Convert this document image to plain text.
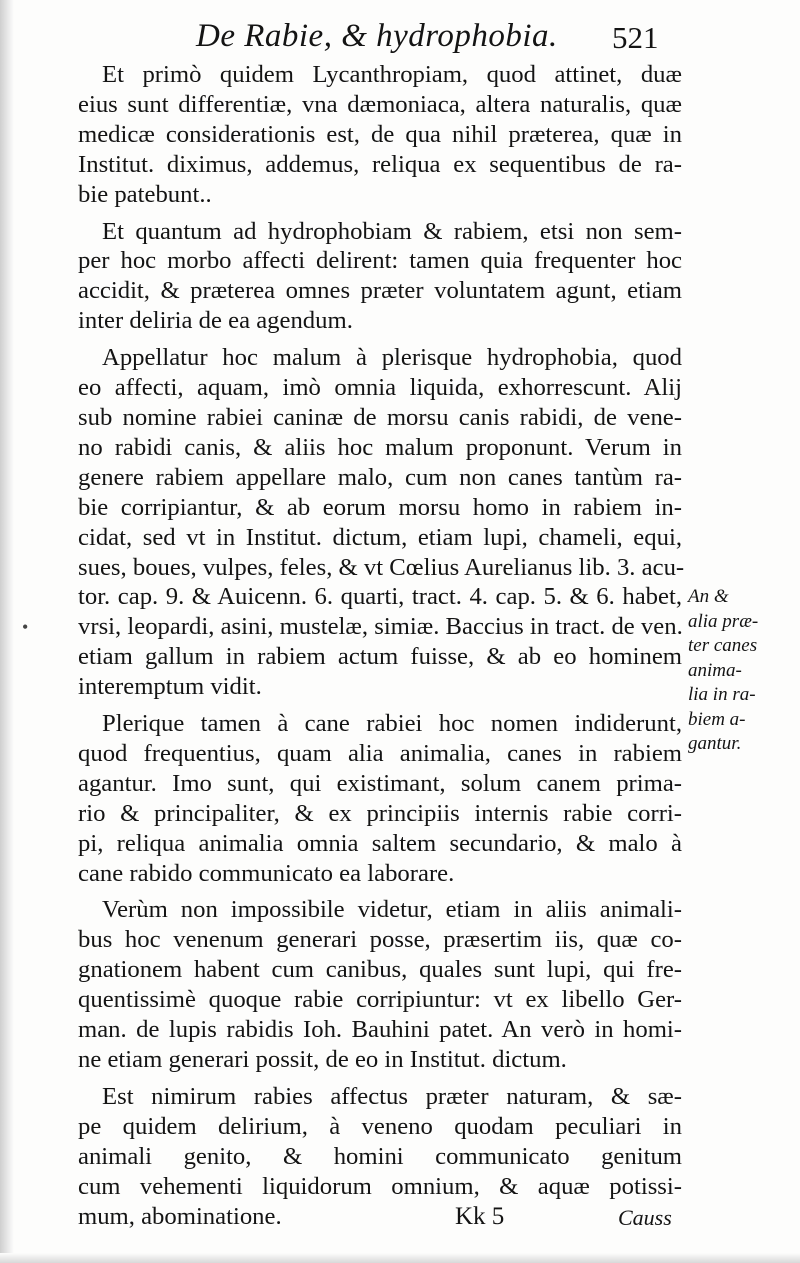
De Rabie, & hydrophobia. 521
•

Et primò quidem Lycanthropiam, quod attinet, duæ
eius sunt differentiæ, vna dæmoniaca, altera naturalis, quæ
medicæ considerationis est, de qua nihil præterea, quæ in
Institut. diximus, addemus, reliqua ex sequentibus de ra-
bie patebunt..

Et quantum ad hydrophobiam & rabiem, etsi non sem-
per hoc morbo affecti delirent: tamen quia frequenter hoc
accidit, & præterea omnes præter voluntatem agunt, etiam
inter deliria de ea agendum.

Appellatur hoc malum à plerisque hydrophobia, quod
eo affecti, aquam, imò omnia liquida, exhorrescunt. Alij
sub nomine rabiei caninæ de morsu canis rabidi, de vene-
no rabidi canis, & aliis hoc malum proponunt. Verum in
genere rabiem appellare malo, cum non canes tantùm ra-
bie corripiantur, & ab eorum morsu homo in rabiem in-
cidat, sed vt in Institut. dictum, etiam lupi, chameli, equi,
sues, boues, vulpes, feles, & vt Cœlius Aurelianus lib. 3. acu-
tor. cap. 9. & Auicenn. 6. quarti, tract. 4. cap. 5. & 6. habet,
vrsi, leopardi, asini, mustelæ, simiæ. Baccius in tract. de ven.
etiam gallum in rabiem actum fuisse, & ab eo hominem
interemptum vidit.

Plerique tamen à cane rabiei hoc nomen indiderunt,
quod frequentius, quam alia animalia, canes in rabiem
agantur. Imo sunt, qui existimant, solum canem prima-
rio & principaliter, & ex principiis internis rabie corri-
pi, reliqua animalia omnia saltem secundario, & malo à
cane rabido communicato ea laborare.

Verùm non impossibile videtur, etiam in aliis animali-
bus hoc venenum generari posse, præsertim iis, quæ co-
gnationem habent cum canibus, quales sunt lupi, qui fre-
quentissimè quoque rabie corripiuntur: vt ex libello Ger-
man. de lupis rabidis Ioh. Bauhini patet. An verò in homi-
ne etiam generari possit, de eo in Institut. dictum.

Est nimirum rabies affectus præter naturam, & sæ-
pe quidem delirium, à veneno quodam peculiari in
animali genito, & homini communicato genitum
cum vehementi liquidorum omnium, & aquæ potissi-
mum, abominatione.

An &
alia præ-
ter canes
anima-
lia in ra-
biem a-
gantur.
Kk 5	Causs
